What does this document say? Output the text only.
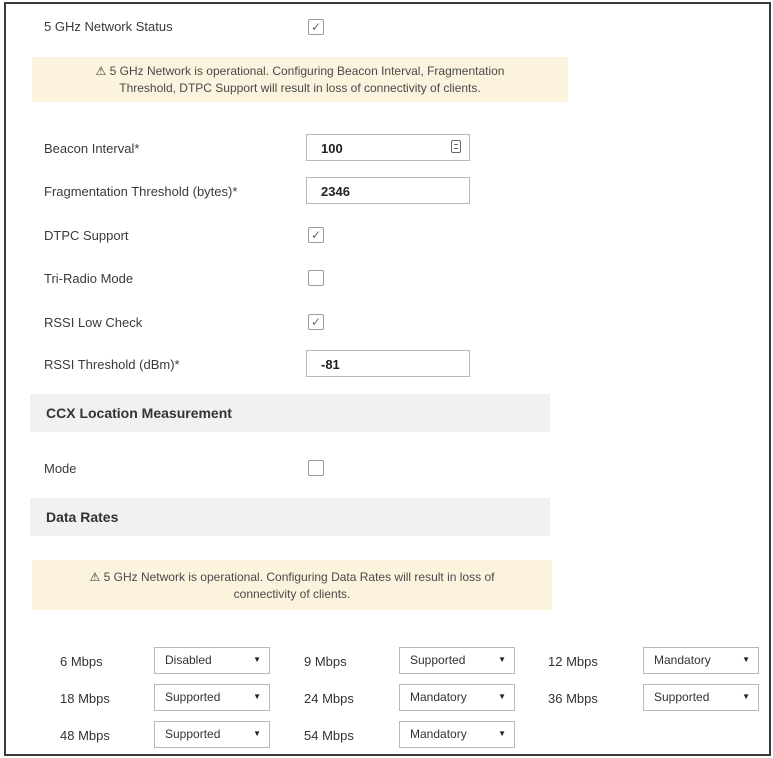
5 GHz Network Status	✓
⚠ 5 GHz Network is operational. Configuring Beacon Interval, Fragmentation
Threshold, DTPC Support will result in loss of connectivity of clients.
Beacon Interval*	100
Fragmentation Threshold (bytes)*	2346
DTPC Support	✓
Tri-Radio Mode
RSSI Low Check	✓
RSSI Threshold (dBm)*	-81
CCX Location Measurement
Mode
Data Rates
⚠ 5 GHz Network is operational. Configuring Data Rates will result in loss of
connectivity of clients.
6 Mbps	Disabled	▼	9 Mbps	Supported	▼	12 Mbps	Mandatory	▼
18 Mbps	Supported	▼	24 Mbps	Mandatory	▼	36 Mbps	Supported	▼
48 Mbps	Supported	▼	54 Mbps	Mandatory	▼
